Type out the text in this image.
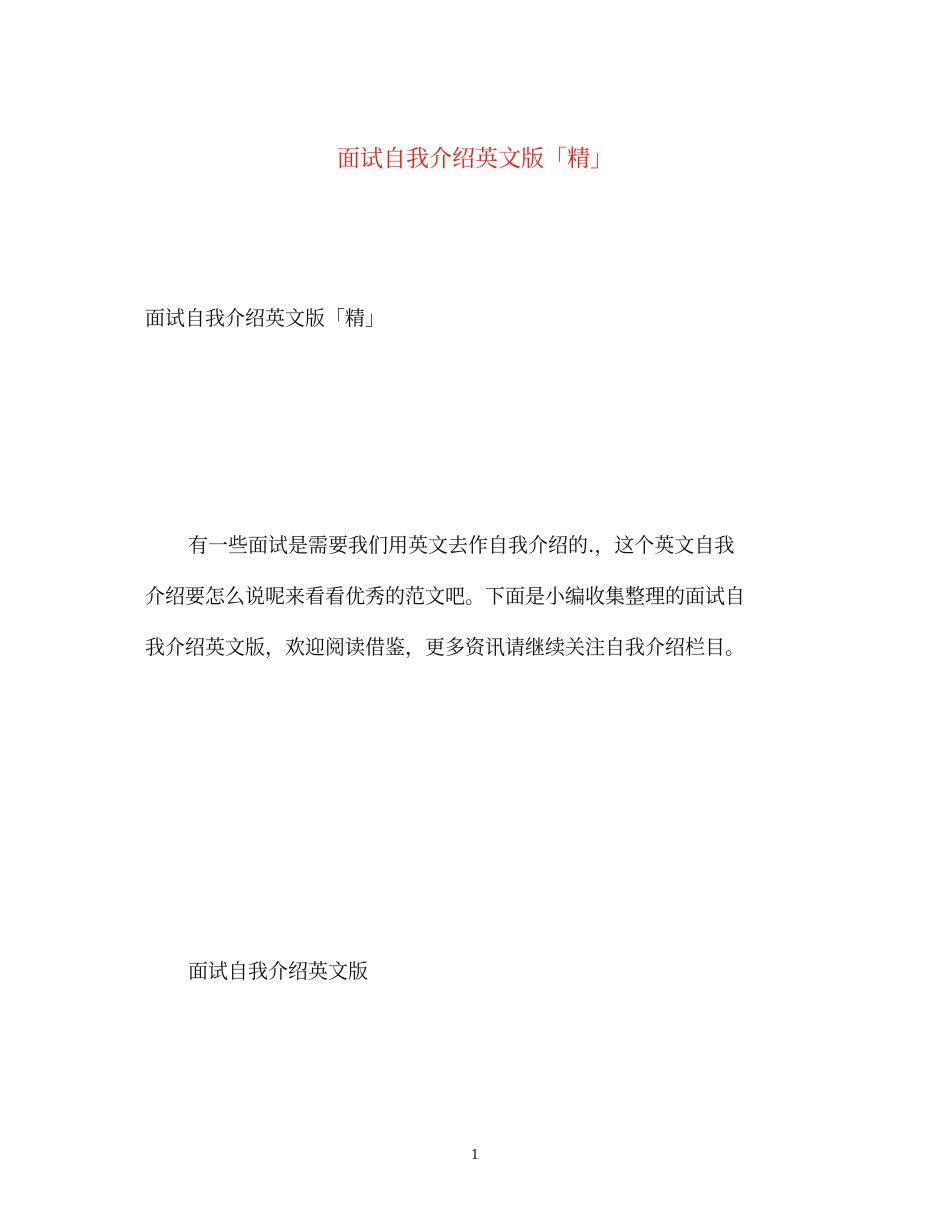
面试自我介绍英文版「精」

面试自我介绍英文版「精」

有一些面试是需要我们用英文去作自我介绍的.，这个英文自我
介绍要怎么说呢来看看优秀的范文吧。下面是小编收集整理的面试自
我介绍英文版，欢迎阅读借鉴，更多资讯请继续关注自我介绍栏目。

面试自我介绍英文版
1
